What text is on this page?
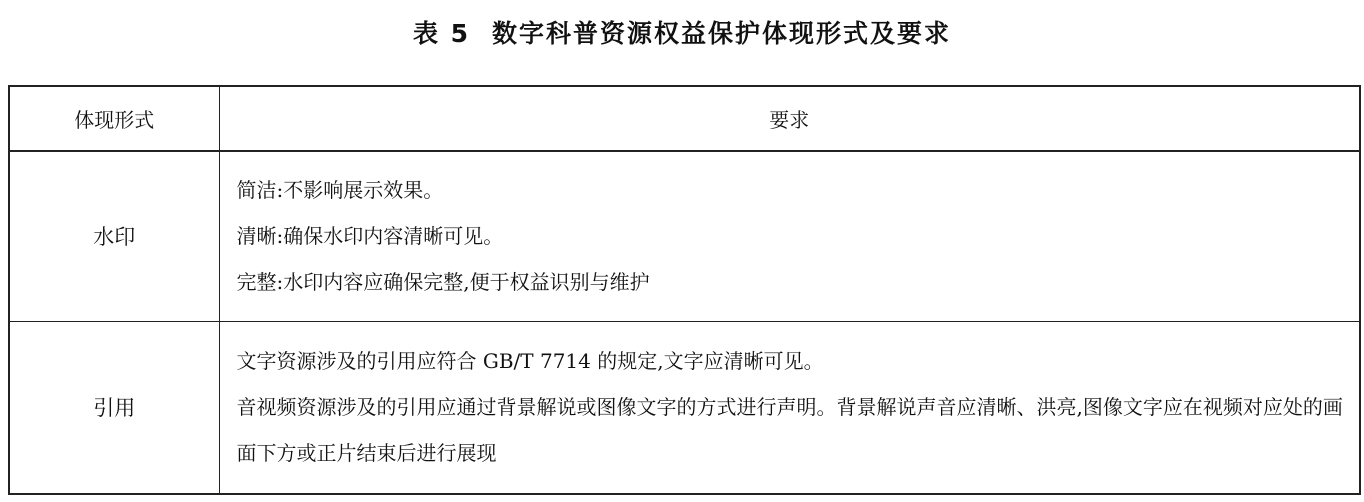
表 5 数字科普资源权益保护体现形式及要求
体现形式	要求
水印	简洁:不影响展示效果。

清晰:确保水印内容清晰可见。

完整:水印内容应确保完整,便于权益识别与维护

引用	文字资源涉及的引用应符合 GB/T 7714 的规定,文字应清晰可见。

音视频资源涉及的引用应通过背景解说或图像文字的方式进行声明。背景解说声音应清晰、洪亮,图像文字应在视频对应处的画面下方或正片结束后进行展现
